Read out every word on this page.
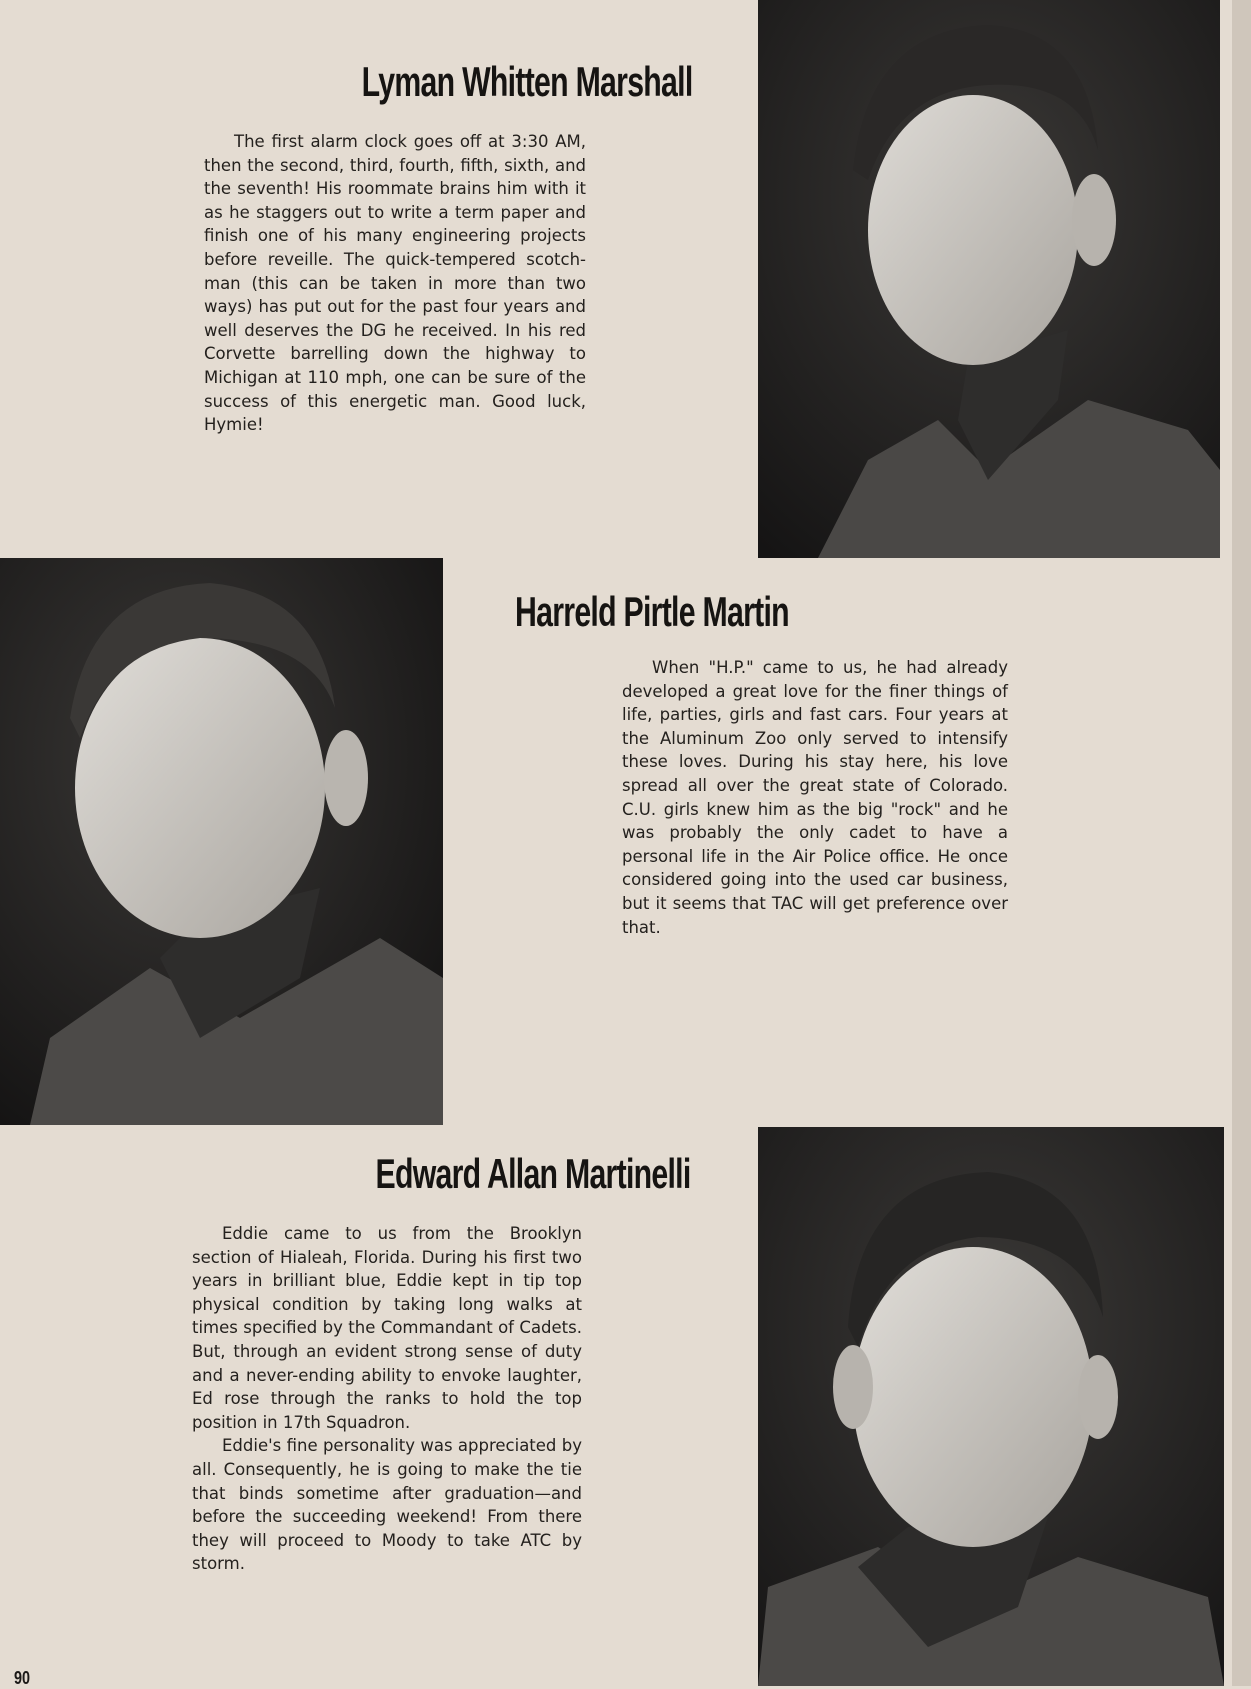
Lyman Whitten Marshall

The first alarm clock goes off at 3:30 AM, then the second, third, fourth, fifth, sixth, and the seventh! His roommate brains him with it as he staggers out to write a term paper and finish one of his many engineering projects before reveille. The quick-tempered scotch-man (this can be taken in more than two ways) has put out for the past four years and well deserves the DG he received. In his red Corvette barrelling down the highway to Michigan at 110 mph, one can be sure of the success of this energetic man. Good luck, Hymie!

Harreld Pirtle Martin

When "H.P." came to us, he had already developed a great love for the finer things of life, parties, girls and fast cars. Four years at the Aluminum Zoo only served to intensify these loves. During his stay here, his love spread all over the great state of Colorado. C.U. girls knew him as the big "rock" and he was probably the only cadet to have a personal life in the Air Police office. He once considered going into the used car business, but it seems that TAC will get preference over that.

Edward Allan Martinelli

Eddie came to us from the Brooklyn section of Hialeah, Florida. During his first two years in brilliant blue, Eddie kept in tip top physical condition by taking long walks at times specified by the Commandant of Cadets. But, through an evident strong sense of duty and a never-ending ability to envoke laughter, Ed rose through the ranks to hold the top position in 17th Squadron.

Eddie's fine personality was appreciated by all. Consequently, he is going to make the tie that binds sometime after graduation—and before the succeeding weekend! From there they will proceed to Moody to take ATC by storm.

90
